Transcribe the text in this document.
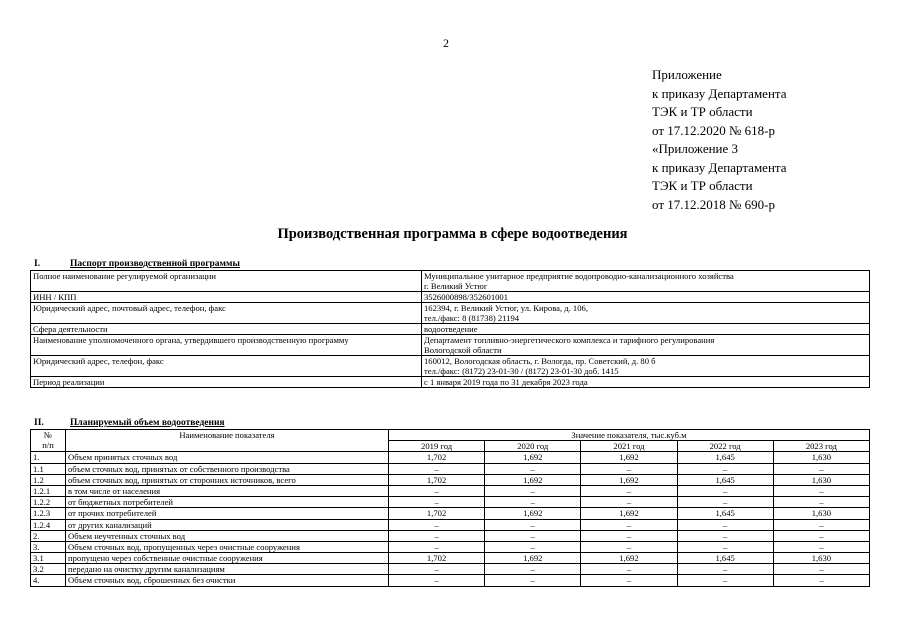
2
Приложение
к приказу Департамента
ТЭК и ТР области
от 17.12.2020 № 618-р
«Приложение 3
к приказу Департамента
ТЭК и ТР области
от 17.12.2018 № 690-р
Производственная программа в сфере водоотведения
I.	Паспорт производственной программы
Полное наименование регулируемой организации	Муниципальное унитарное предприятие водопроводно-канализационного хозяйства
г. Великий Устюг

ИНН / КПП	3526000898/352601001

Юридический адрес, почтовый адрес, телефон, факс	162394, г. Великий Устюг, ул. Кирова, д. 106,
тел./факс: 8 (81738) 21194

Сфера деятельности	водоотведение

Наименование уполномоченного органа, утвердившего производственную программу	Департамент топливно-энергетического комплекса и тарифного регулирования
Вологодской области

Юридический адрес, телефон, факс	160012, Вологодская область, г. Вологда, пр. Советский, д. 80 б
тел./факс: (8172) 23-01-30 / (8172) 23-01-30 доб. 1415

Период реализации	с 1 января 2019 года по 31 декабря 2023 года
II.	Планируемый объем водоотведения
№
п/п	Наименование показателя	Значение показателя, тыс.куб.м				
		2019 год	2020 год	2021 год	2022 год	2023 год
1.	Объем принятых сточных вод	1,702	1,692	1,692	1,645	1,630
1.1	объем сточных вод, принятых от собственного производства	–	–	–	–	–
1.2	объем сточных вод, принятых от сторонних источников, всего	1,702	1,692	1,692	1,645	1,630
1.2.1	в том числе от населения	–	–	–	–	–
1.2.2	от бюджетных потребителей	–	–	–	–	–
1.2.3	от прочих потребителей	1,702	1,692	1,692	1,645	1,630
1.2.4	от других канализаций	–	–	–	–	–
2.	Объем неучтенных сточных вод	–	–	–	–	–
3.	Объем сточных вод, пропущенных через очистные сооружения	–	–	–	–	–
3.1	пропущено через собственные очистные сооружения	1,702	1,692	1,692	1,645	1,630
3.2	передано на очистку другим канализациям	–	–	–	–	–
4.	Объем сточных вод, сброшенных без очистки	–	–	–	–	–
